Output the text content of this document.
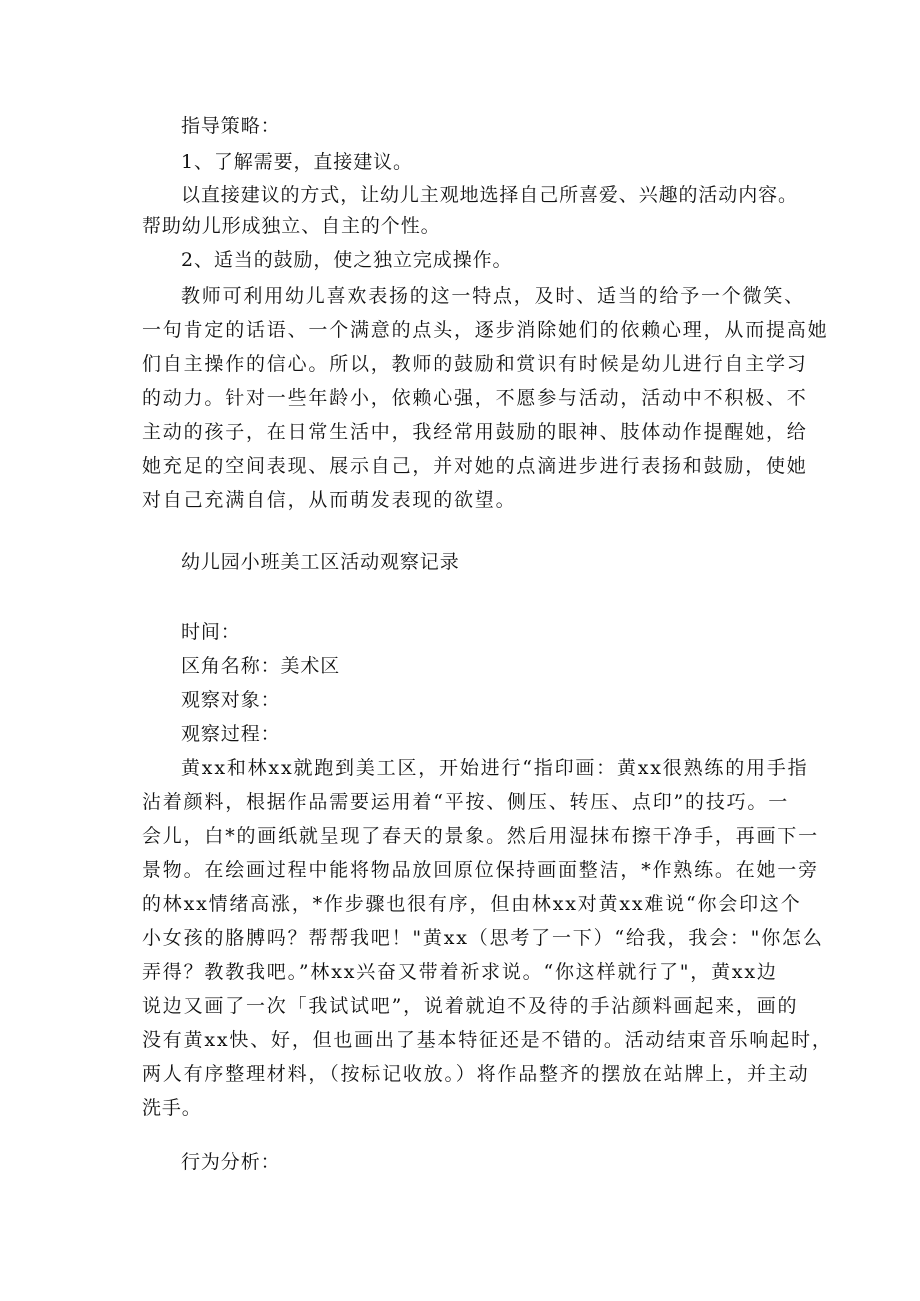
指导策略：
1、了解需要，直接建议。
以直接建议的方式，让幼儿主观地选择自己所喜爱、兴趣的活动内容。
帮助幼儿形成独立、自主的个性。
2、适当的鼓励，使之独立完成操作。
教师可利用幼儿喜欢表扬的这一特点，及时、适当的给予一个微笑、
一句肯定的话语、一个满意的点头，逐步消除她们的依赖心理，从而提高她
们自主操作的信心。所以，教师的鼓励和赏识有时候是幼儿进行自主学习
的动力。针对一些年龄小，依赖心强，不愿参与活动，活动中不积极、不
主动的孩子，在日常生活中，我经常用鼓励的眼神、肢体动作提醒她，给
她充足的空间表现、展示自己，并对她的点滴进步进行表扬和鼓励，使她
对自己充满自信，从而萌发表现的欲望。
幼儿园小班美工区活动观察记录
时间：
区角名称：美术区
观察对象：
观察过程：
黄xx和林xx就跑到美工区，开始进行“指印画：黄xx很熟练的用手指
沾着颜料，根据作品需要运用着“平按、侧压、转压、点印”的技巧。一
会儿，白*的画纸就呈现了春天的景象。然后用湿抹布擦干净手，再画下一
景物。在绘画过程中能将物品放回原位保持画面整洁，*作熟练。在她一旁
的林xx情绪高涨，*作步骤也很有序，但由林xx对黄xx难说“你会印这个
小女孩的胳膊吗？帮帮我吧！"黄xx（思考了一下）“给我，我会："你怎么
弄得？教教我吧。”林xx兴奋又带着祈求说。“你这样就行了"，黄xx边
说边又画了一次「我试试吧”，说着就迫不及待的手沾颜料画起来，画的
没有黄xx快、好，但也画出了基本特征还是不错的。活动结束音乐响起时，
两人有序整理材料，（按标记收放。）将作品整齐的摆放在站牌上，并主动
洗手。
行为分析：
